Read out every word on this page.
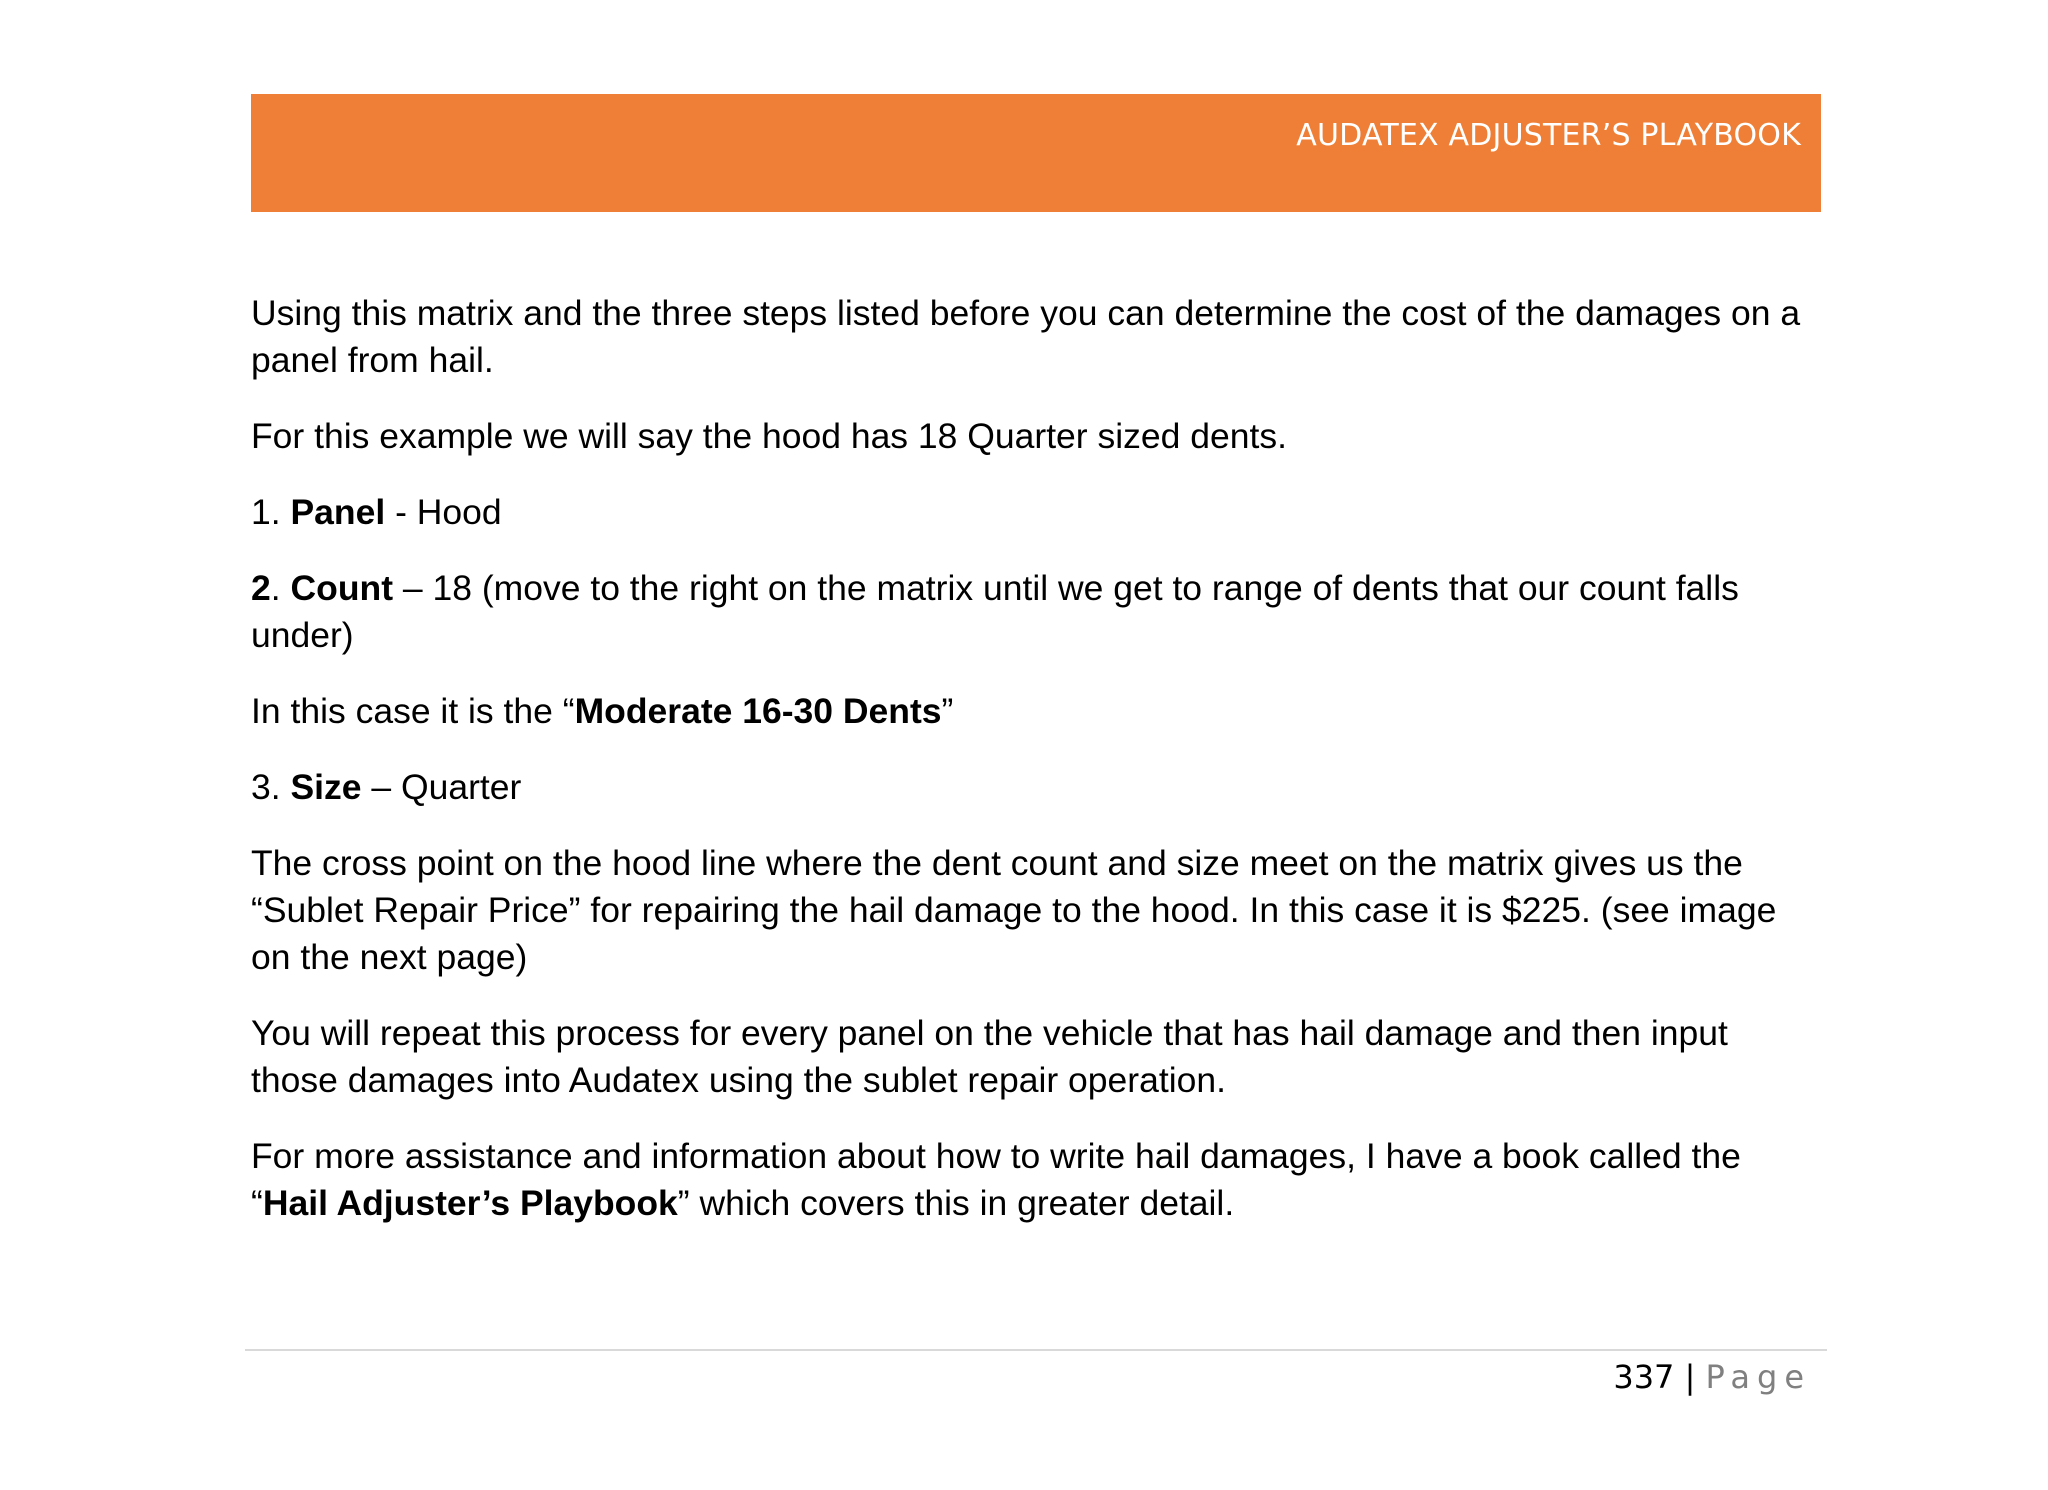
AUDATEX ADJUSTER’S PLAYBOOK

Using this matrix and the three steps listed before you can determine the cost of the damages on a panel from hail.

For this example we will say the hood has 18 Quarter sized dents.

1. Panel - Hood

2. Count – 18 (move to the right on the matrix until we get to range of dents that our count falls under)

In this case it is the “Moderate 16-30 Dents”

3. Size – Quarter

The cross point on the hood line where the dent count and size meet on the matrix gives us the “Sublet Repair Price” for repairing the hail damage to the hood. In this case it is $225. (see image on the next page)

You will repeat this process for every panel on the vehicle that has hail damage and then input those damages into Audatex using the sublet repair operation.

For more assistance and information about how to write hail damages, I have a book called the “Hail Adjuster’s Playbook” which covers this in greater detail.

337 | Page
